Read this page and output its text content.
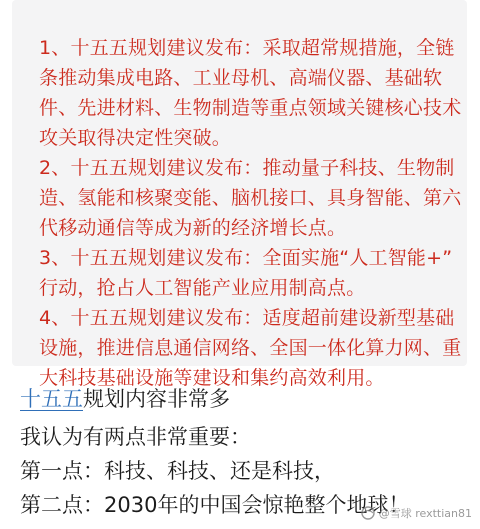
1、十五五规划建议发布：采取超常规措施，全链

条推动集成电路、工业母机、高端仪器、基础软

件、先进材料、生物制造等重点领域关键核心技术

攻关取得决定性突破。

2、十五五规划建议发布：推动量子科技、生物制

造、氢能和核聚变能、脑机接口、具身智能、第六

代移动通信等成为新的经济增长点。

3、十五五规划建议发布：全面实施“人工智能+”

行动，抢占人工智能产业应用制高点。

4、十五五规划建议发布：适度超前建设新型基础

设施，推进信息通信网络、全国一体化算力网、重

大科技基础设施等建设和集约高效利用。

十五五规划内容非常多

我认为有两点非常重要：

第一点：科技、科技、还是科技，

第二点：2030年的中国会惊艳整个地球！

@雪球 rexttian81
